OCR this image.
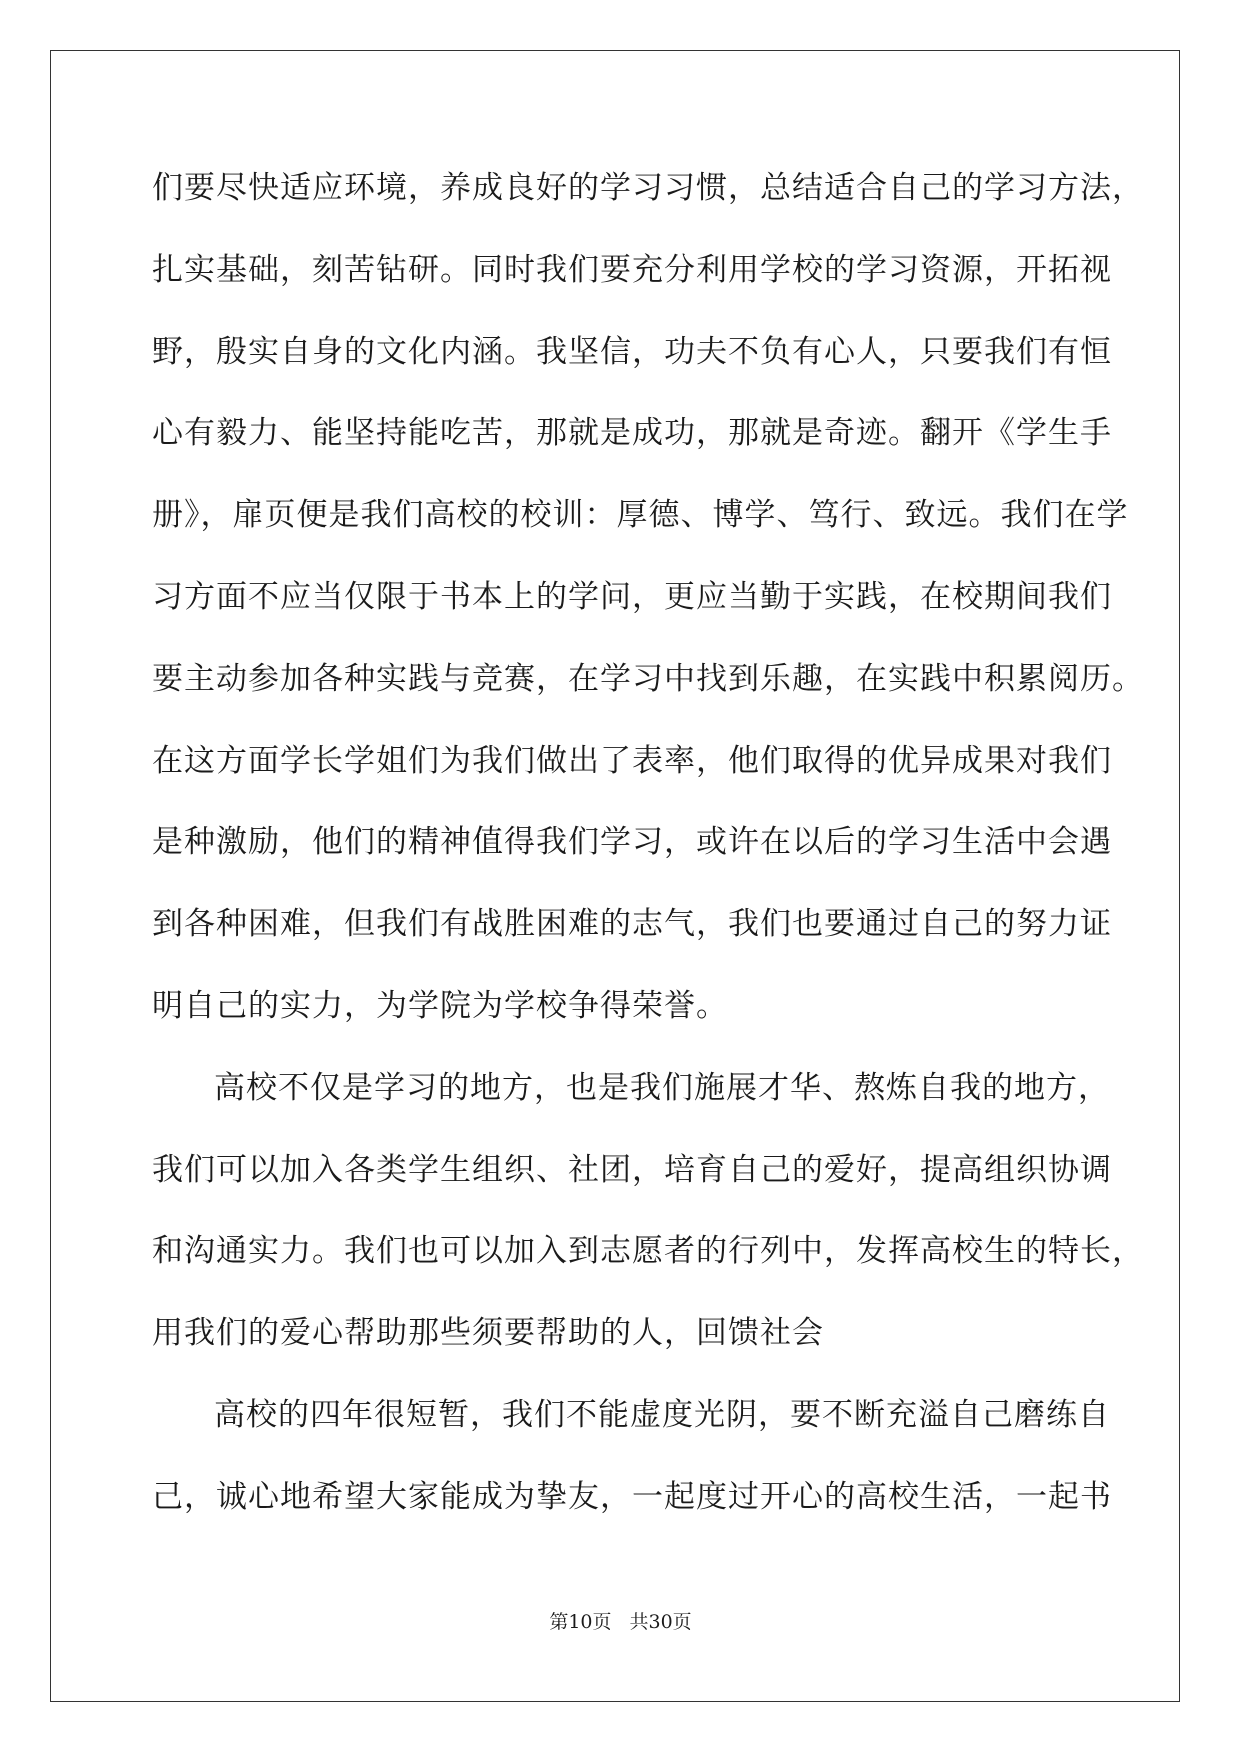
们要尽快适应环境，养成良好的学习习惯，总结适合自己的学习方法，
扎实基础，刻苦钻研。同时我们要充分利用学校的学习资源，开拓视
野，殷实自身的文化内涵。我坚信，功夫不负有心人，只要我们有恒
心有毅力、能坚持能吃苦，那就是成功，那就是奇迹。翻开《学生手
册》，扉页便是我们高校的校训：厚德、博学、笃行、致远。我们在学
习方面不应当仅限于书本上的学问，更应当勤于实践，在校期间我们
要主动参加各种实践与竞赛，在学习中找到乐趣，在实践中积累阅历。
在这方面学长学姐们为我们做出了表率，他们取得的优异成果对我们
是种激励，他们的精神值得我们学习，或许在以后的学习生活中会遇
到各种困难，但我们有战胜困难的志气，我们也要通过自己的努力证
明自己的实力，为学院为学校争得荣誉。
高校不仅是学习的地方，也是我们施展才华、熬炼自我的地方，
我们可以加入各类学生组织、社团，培育自己的爱好，提高组织协调
和沟通实力。我们也可以加入到志愿者的行列中，发挥高校生的特长，
用我们的爱心帮助那些须要帮助的人，回馈社会
高校的四年很短暂，我们不能虚度光阴，要不断充溢自己磨练自
己，诚心地希望大家能成为挚友，一起度过开心的高校生活，一起书
第10页 共30页
